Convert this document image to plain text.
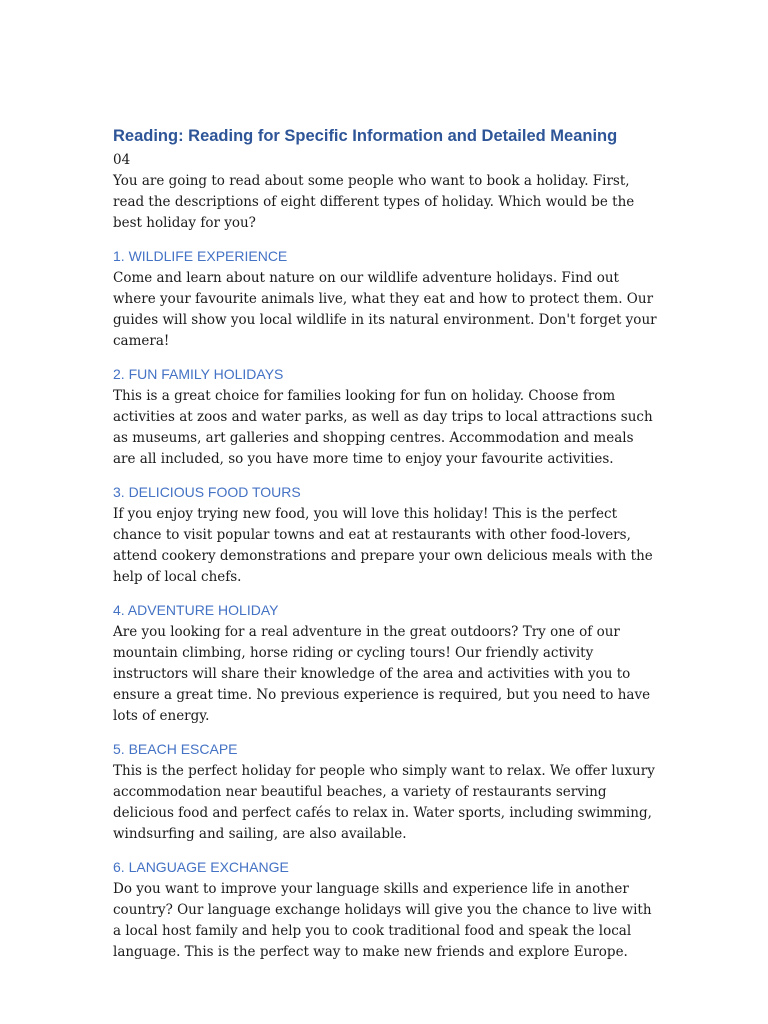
Reading: Reading for Specific Information and Detailed Meaning

04

You are going to read about some people who want to book a holiday. First, read the descriptions of eight different types of holiday. Which would be the best holiday for you?

1. WILDLIFE EXPERIENCE

Come and learn about nature on our wildlife adventure holidays. Find out where your favourite animals live, what they eat and how to protect them. Our guides will show you local wildlife in its natural environment. Don't forget your camera!

2. FUN FAMILY HOLIDAYS

This is a great choice for families looking for fun on holiday. Choose from activities at zoos and water parks, as well as day trips to local attractions such as museums, art galleries and shopping centres. Accommodation and meals are all included, so you have more time to enjoy your favourite activities.

3. DELICIOUS FOOD TOURS

If you enjoy trying new food, you will love this holiday! This is the perfect chance to visit popular towns and eat at restaurants with other food-lovers, attend cookery demonstrations and prepare your own delicious meals with the help of local chefs.

4. ADVENTURE HOLIDAY

Are you looking for a real adventure in the great outdoors? Try one of our mountain climbing, horse riding or cycling tours! Our friendly activity instructors will share their knowledge of the area and activities with you to ensure a great time. No previous experience is required, but you need to have lots of energy.

5. BEACH ESCAPE

This is the perfect holiday for people who simply want to relax. We offer luxury accommodation near beautiful beaches, a variety of restaurants serving delicious food and perfect cafés to relax in. Water sports, including swimming, windsurfing and sailing, are also available.

6. LANGUAGE EXCHANGE

Do you want to improve your language skills and experience life in another country? Our language exchange holidays will give you the chance to live with a local host family and help you to cook traditional food and speak the local language. This is the perfect way to make new friends and explore Europe.
